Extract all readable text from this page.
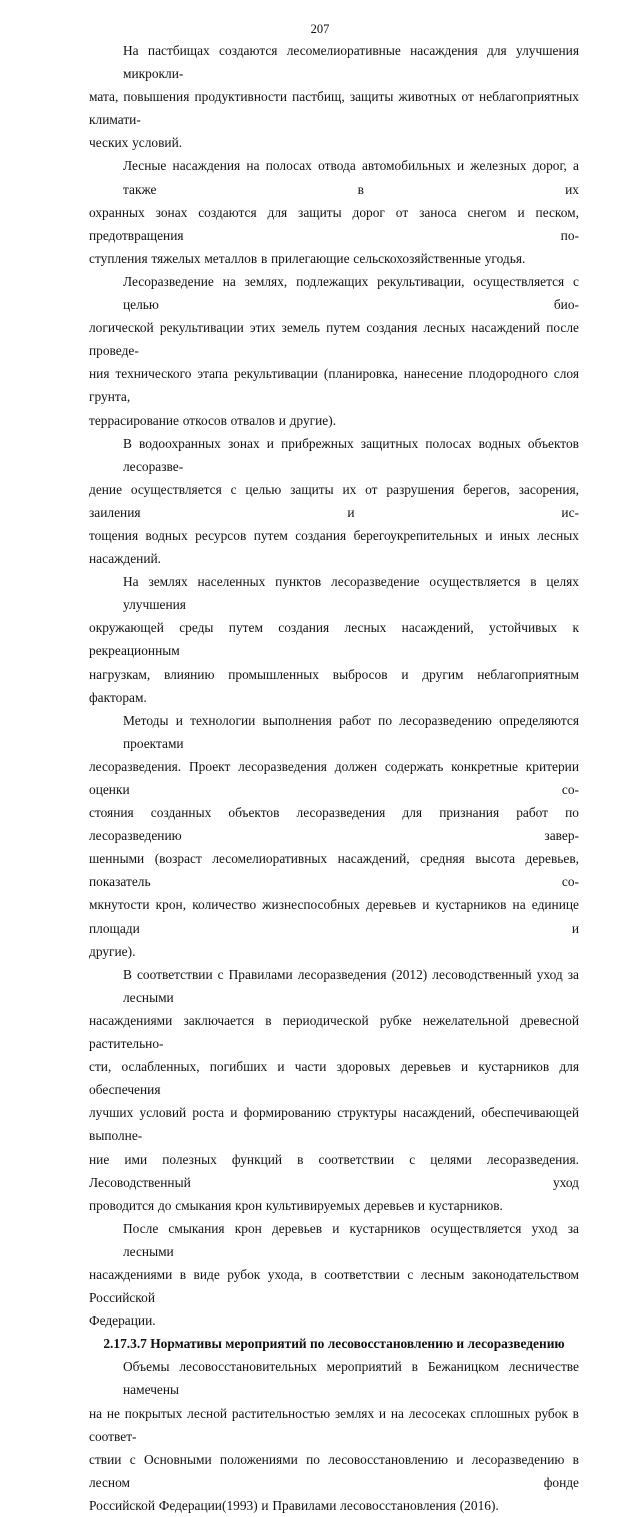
207

На пастбищах создаются лесомелиоративные насаждения для улучшения микрокли-
мата, повышения продуктивности пастбищ, защиты животных от неблагоприятных климати-
ческих условий.

Лесные насаждения на полосах отвода автомобильных и железных дорог, а также в их
охранных зонах создаются для защиты дорог от заноса снегом и песком, предотвращения по-
ступления тяжелых металлов в прилегающие сельскохозяйственные угодья.

Лесоразведение на землях, подлежащих рекультивации, осуществляется с целью био-
логической рекультивации этих земель путем создания лесных насаждений после проведе-
ния технического этапа рекультивации (планировка, нанесение плодородного слоя грунта,
террасирование откосов отвалов и другие).

В водоохранных зонах и прибрежных защитных полосах водных объектов лесоразве-
дение осуществляется с целью защиты их от разрушения берегов, засорения, заиления и ис-
тощения водных ресурсов путем создания берегоукрепительных и иных лесных насаждений.

На землях населенных пунктов лесоразведение осуществляется в целях улучшения
окружающей среды путем создания лесных насаждений, устойчивых к рекреационным
нагрузкам, влиянию промышленных выбросов и другим неблагоприятным факторам.

Методы и технологии выполнения работ по лесоразведению определяются проектами
лесоразведения. Проект лесоразведения должен содержать конкретные критерии оценки со-
стояния созданных объектов лесоразведения для признания работ по лесоразведению завер-
шенными (возраст лесомелиоративных насаждений, средняя высота деревьев, показатель со-
мкнутости крон, количество жизнеспособных деревьев и кустарников на единице площади и
другие).

В соответствии с Правилами лесоразведения (2012) лесоводственный уход за лесными
насаждениями заключается в периодической рубке нежелательной древесной растительно-
сти, ослабленных, погибших и части здоровых деревьев и кустарников для обеспечения
лучших условий роста и формированию структуры насаждений, обеспечивающей выполне-
ние ими полезных функций в соответствии с целями лесоразведения. Лесоводственный уход
проводится до смыкания крон культивируемых деревьев и кустарников.

После смыкания крон деревьев и кустарников осуществляется уход за лесными
насаждениями в виде рубок ухода, в соответствии с лесным законодательством Российской
Федерации.

2.17.3.7 Нормативы мероприятий по лесовосстановлению и лесоразведению

Объемы лесовосстановительных мероприятий в Бежаницком лесничестве намечены
на не покрытых лесной растительностью землях и на лесосеках сплошных рубок в соответ-
ствии с Основными положениями по лесовосстановлению и лесоразведению в лесном фонде
Российской Федерации(1993) и Правилами лесовосстановления (2016).
